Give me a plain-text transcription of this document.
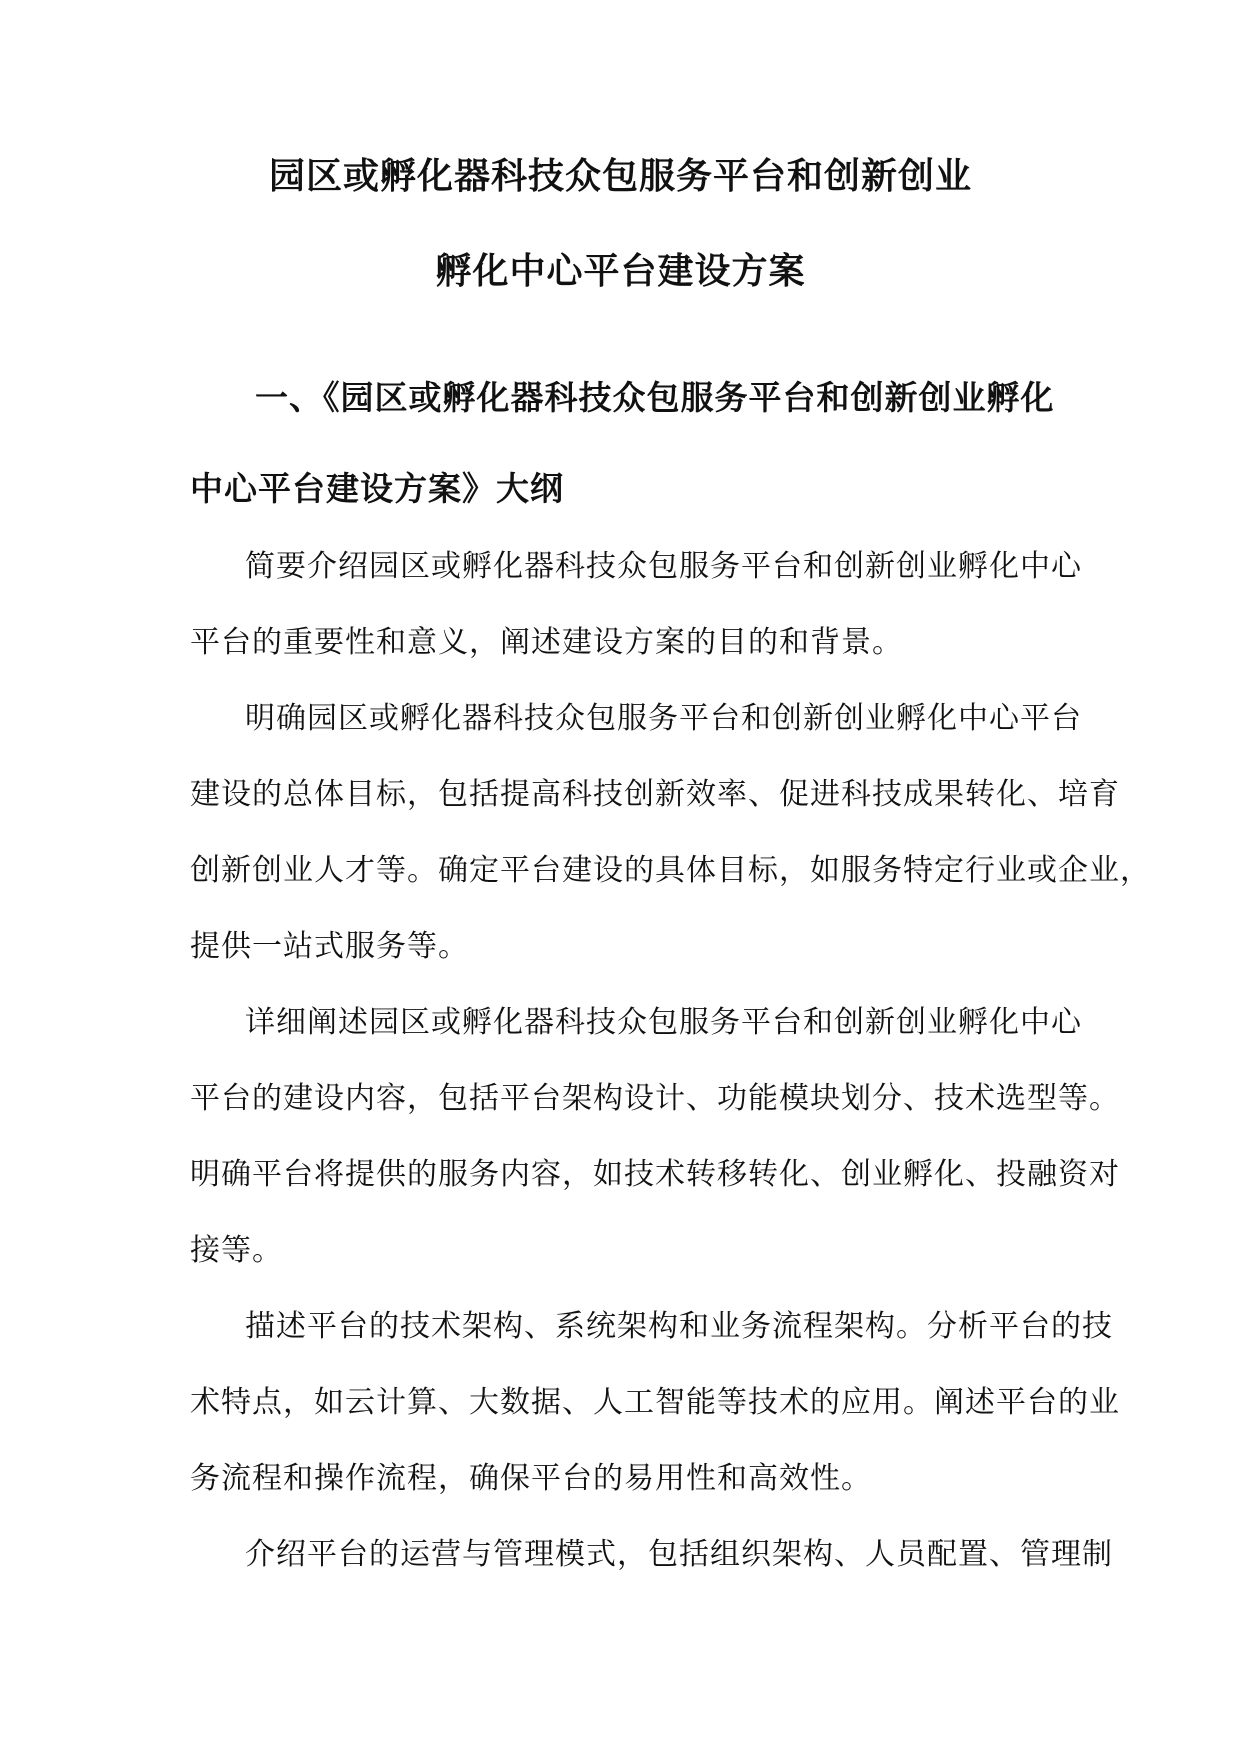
园区或孵化器科技众包服务平台和创新创业
孵化中心平台建设方案
一、《园区或孵化器科技众包服务平台和创新创业孵化
中心平台建设方案》大纲
简要介绍园区或孵化器科技众包服务平台和创新创业孵化中心
平台的重要性和意义，阐述建设方案的目的和背景。
明确园区或孵化器科技众包服务平台和创新创业孵化中心平台
建设的总体目标，包括提高科技创新效率、促进科技成果转化、培育
创新创业人才等。确定平台建设的具体目标，如服务特定行业或企业，
提供一站式服务等。
详细阐述园区或孵化器科技众包服务平台和创新创业孵化中心
平台的建设内容，包括平台架构设计、功能模块划分、技术选型等。
明确平台将提供的服务内容，如技术转移转化、创业孵化、投融资对
接等。
描述平台的技术架构、系统架构和业务流程架构。分析平台的技
术特点，如云计算、大数据、人工智能等技术的应用。阐述平台的业
务流程和操作流程，确保平台的易用性和高效性。
介绍平台的运营与管理模式，包括组织架构、人员配置、管理制
